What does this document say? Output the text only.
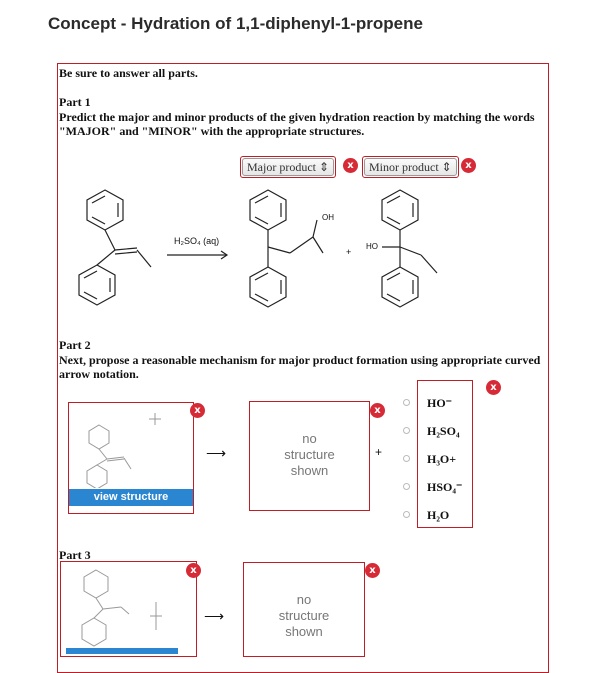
Concept - Hydration of 1,1-diphenyl-1-propene
Be sure to answer all parts.
Part 1
Predict the major and minor products of the given hydration reaction by matching the words "MAJOR" and "MINOR" with the appropriate structures.
Major product ⇕	x	Minor product ⇕	x
H₂SO₄ (aq)
OH
+
HO
Part 2
Next, propose a reasonable mechanism for major product formation using appropriate curved arrow notation.
x
view structure
x
⟶
no
structure
shown
x
+
HO⁻
H₂SO₄
H₃O+
HSO₄⁻
H₂O
Part 3
x
⟶
no
structure
shown
x
